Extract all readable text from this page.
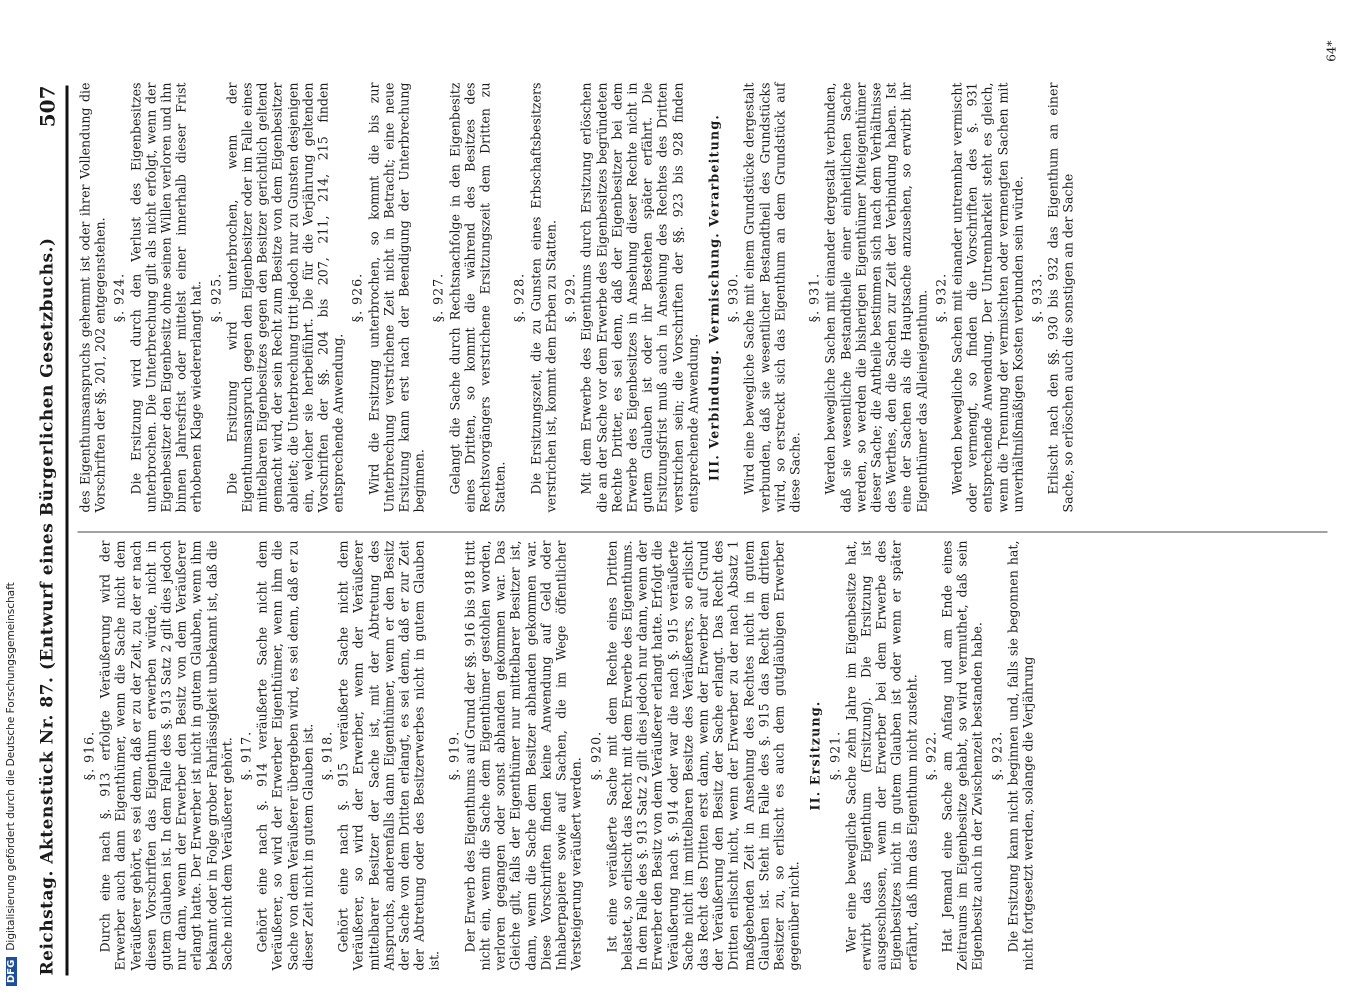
DFGDigitalisierung gefördert durch die Deutsche Forschungsgemeinschaft Reichstag. Aktenstück Nr. 87. (Entwurf eines Bürgerlichen Gesetzbuchs.)
507
§. 916. Durch eine nach §. 913 erfolgte Veräußerung wird der Erwerber auch dann Eigenthümer, wenn die Sache nicht dem Veräußerer gehört, es sei denn, daß er zu der Zeit, zu der er nach diesen Vorschriften das Eigenthum erwerben würde, nicht in gutem Glauben ist. In dem Falle des §. 913 Satz 2 gilt dies jedoch nur dann, wenn der Erwerber den Besitz von dem Veräußerer erlangt hatte. Der Erwerber ist nicht in gutem Glauben, wenn ihm bekannt oder in Folge grober Fahrlässigkeit unbekannt ist, daß die Sache nicht dem Veräußerer gehört. §. 917. Gehört eine nach §. 914 veräußerte Sache nicht dem Veräußerer, so wird der Erwerber Eigenthümer, wenn ihm die Sache von dem Veräußerer übergeben wird, es sei denn, daß er zu dieser Zeit nicht in gutem Glauben ist. §. 918. Gehört eine nach §. 915 veräußerte Sache nicht dem Veräußerer, so wird der Erwerber, wenn der Veräußerer mittelbarer Besitzer der Sache ist, mit der Abtretung des Anspruchs, anderenfalls dann Eigenthümer, wenn er den Besitz der Sache von dem Dritten erlangt, es sei denn, daß er zur Zeit der Abtretung oder des Besitzerwerbes nicht in gutem Glauben ist.

§. 919. Der Erwerb des Eigenthums auf Grund der §§. 916 bis 918 tritt nicht ein, wenn die Sache dem Eigenthümer gestohlen worden, verloren gegangen oder sonst abhanden gekommen war. Das Gleiche gilt, falls der Eigenthümer nur mittelbarer Besitzer ist, dann, wenn die Sache dem Besitzer abhanden gekommen war. Diese Vorschriften finden keine Anwendung auf Geld oder Inhaberpapiere sowie auf Sachen, die im Wege öffentlicher Versteigerung veräußert werden.

§. 920. Ist eine veräußerte Sache mit dem Rechte eines Dritten belastet, so erlischt das Recht mit dem Erwerbe des Eigenthums. In dem Falle des §. 913 Satz 2 gilt dies jedoch nur dann, wenn der Erwerber den Besitz von dem Veräußerer erlangt hatte. Erfolgt die Veräußerung nach §. 914 oder war die nach §. 915 veräußerte Sache nicht im mittelbaren Besitze des Veräußerers, so erlischt das Recht des Dritten erst dann, wenn der Erwerber auf Grund der Veräußerung den Besitz der Sache erlangt. Das Recht des Dritten erlischt nicht, wenn der Erwerber zu der nach Absatz 1 maßgebenden Zeit in Ansehung des Rechtes nicht in gutem Glauben ist. Steht im Falle des §. 915 das Recht dem dritten Besitzer zu, so erlischt es auch dem gutgläubigen Erwerber gegenüber nicht.

II. Ersitzung. §. 921. Wer eine bewegliche Sache zehn Jahre im Eigenbesitze hat, erwirbt das Eigenthum (Ersitzung). Die Ersitzung ist ausgeschlossen, wenn der Erwerber bei dem Erwerbe des Eigenbesitzes nicht in gutem Glauben ist oder wenn er später erfährt, daß ihm das Eigenthum nicht zusteht. §. 922. Hat Jemand eine Sache am Anfang und am Ende eines Zeitraums im Eigenbesitze gehabt, so wird vermuthet, daß sein Eigenbesitz auch in der Zwischenzeit bestanden habe. §. 923. Die Ersitzung kann nicht beginnen und, falls sie begonnen hat, nicht fortgesetzt werden, solange die Verjährung

des Eigenthumsanspruchs gehemmt ist oder ihrer Vollendung die Vorschriften der §§. 201, 202 entgegenstehen. §. 924. Die Ersitzung wird durch den Verlust des Eigenbesitzes unterbrochen. Die Unterbrechung gilt als nicht erfolgt, wenn der Eigenbesitzer den Eigenbesitz ohne seinen Willen verloren und ihn binnen Jahresfrist oder mittelst einer innerhalb dieser Frist erhobenen Klage wiedererlangt hat. §. 925. Die Ersitzung wird unterbrochen, wenn der Eigenthumsanspruch gegen den Eigenbesitzer oder im Falle eines mittelbaren Eigenbesitzes gegen den Besitzer gerichtlich geltend gemacht wird, der sein Recht zum Besitze von dem Eigenbesitzer ableitet; die Unterbrechung tritt jedoch nur zu Gunsten desjenigen ein, welcher sie herbeiführt. Die für die Verjährung geltenden Vorschriften der §§. 204 bis 207, 211, 214, 215 finden entsprechende Anwendung.

§. 926. Wird die Ersitzung unterbrochen, so kommt die bis zur Unterbrechung verstrichene Zeit nicht in Betracht; eine neue Ersitzung kann erst nach der Beendigung der Unterbrechung beginnen.

§. 927. Gelangt die Sache durch Rechtsnachfolge in den Eigenbesitz eines Dritten, so kommt die während des Besitzes des Rechtsvorgängers verstrichene Ersitzungszeit dem Dritten zu Statten.

§. 928. Die Ersitzungszeit, die zu Gunsten eines Erbschaftsbesitzers verstrichen ist, kommt dem Erben zu Statten. §. 929. Mit dem Erwerbe des Eigenthums durch Ersitzung erlöschen die an der Sache vor dem Erwerbe des Eigenbesitzes begründeten Rechte Dritter, es sei denn, daß der Eigenbesitzer bei dem Erwerbe des Eigenbesitzes in Ansehung dieser Rechte nicht in gutem Glauben ist oder ihr Bestehen später erfährt. Die Ersitzungsfrist muß auch in Ansehung des Rechtes des Dritten verstrichen sein; die Vorschriften der §§. 923 bis 928 finden entsprechende Anwendung. III. Verbindung. Vermischung. Verarbeitung. §. 930. Wird eine bewegliche Sache mit einem Grundstücke dergestalt verbunden, daß sie wesentlicher Bestandtheil des Grundstücks wird, so erstreckt sich das Eigenthum an dem Grundstück auf diese Sache.

§. 931. Werden bewegliche Sachen mit einander dergestalt verbunden, daß sie wesentliche Bestandtheile einer einheitlichen Sache werden, so werden die bisherigen Eigenthümer Miteigenthümer dieser Sache; die Antheile bestimmen sich nach dem Verhältnisse des Werthes, den die Sachen zur Zeit der Verbindung haben. Ist eine der Sachen als die Hauptsache anzusehen, so erwirbt ihr Eigenthümer das Alleineigenthum. §. 932. Werden bewegliche Sachen mit einander untrennbar vermischt oder vermengt, so finden die Vorschriften des §. 931 entsprechende Anwendung. Der Untrennbarkeit steht es gleich, wenn die Trennung der vermischten oder vermengten Sachen mit unverhältnißmäßigen Kosten verbunden sein würde. §. 933. Erlischt nach den §§. 930 bis 932 das Eigenthum an einer Sache, so erlöschen auch die sonstigen an der Sache

64*
